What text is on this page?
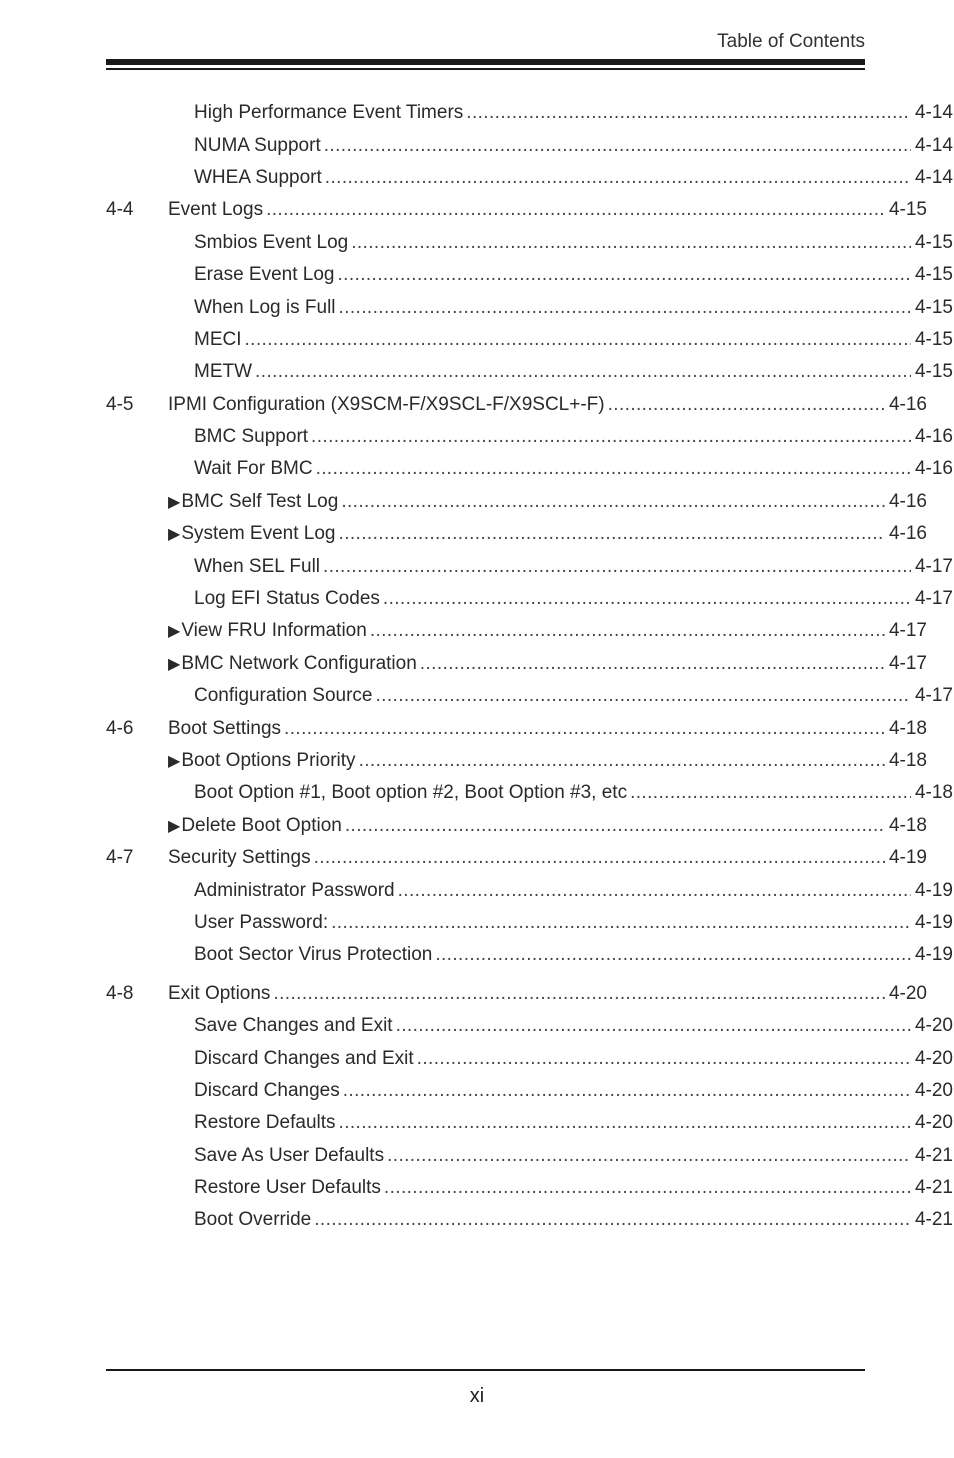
Table of Contents
High Performance Event Timers .....	4-14
NUMA Support .....	4-14
WHEA Support .....	4-14
4-4 Event Logs .....	4-15
Smbios Event Log .....	4-15
Erase Event Log .....	4-15
When Log is Full .....	4-15
MECI .....	4-15
METW .....	4-15
4-5 IPMI Configuration (X9SCM-F/X9SCL-F/X9SCL+-F) .....	4-16
BMC Support .....	4-16
Wait For BMC .....	4-16
▶ BMC Self Test Log .....	4-16
▶ System Event Log .....	4-16
When SEL Full .....	4-17
Log EFI Status Codes .....	4-17
▶ View FRU Information .....	4-17
▶ BMC Network Configuration .....	4-17
Configuration Source .....	4-17
4-6 Boot Settings .....	4-18
▶ Boot Options Priority .....	4-18
Boot Option #1, Boot option #2, Boot Option #3, etc .....	4-18
▶ Delete Boot Option .....	4-18
4-7 Security Settings .....	4-19
Administrator Password .....	4-19
User Password: .....	4-19
Boot Sector Virus Protection .....	4-19
4-8 Exit Options .....	4-20
Save Changes and Exit .....	4-20
Discard Changes and Exit .....	4-20
Discard Changes .....	4-20
Restore Defaults .....	4-20
Save As User Defaults .....	4-21
Restore User Defaults .....	4-21
Boot Override .....	4-21
xi
